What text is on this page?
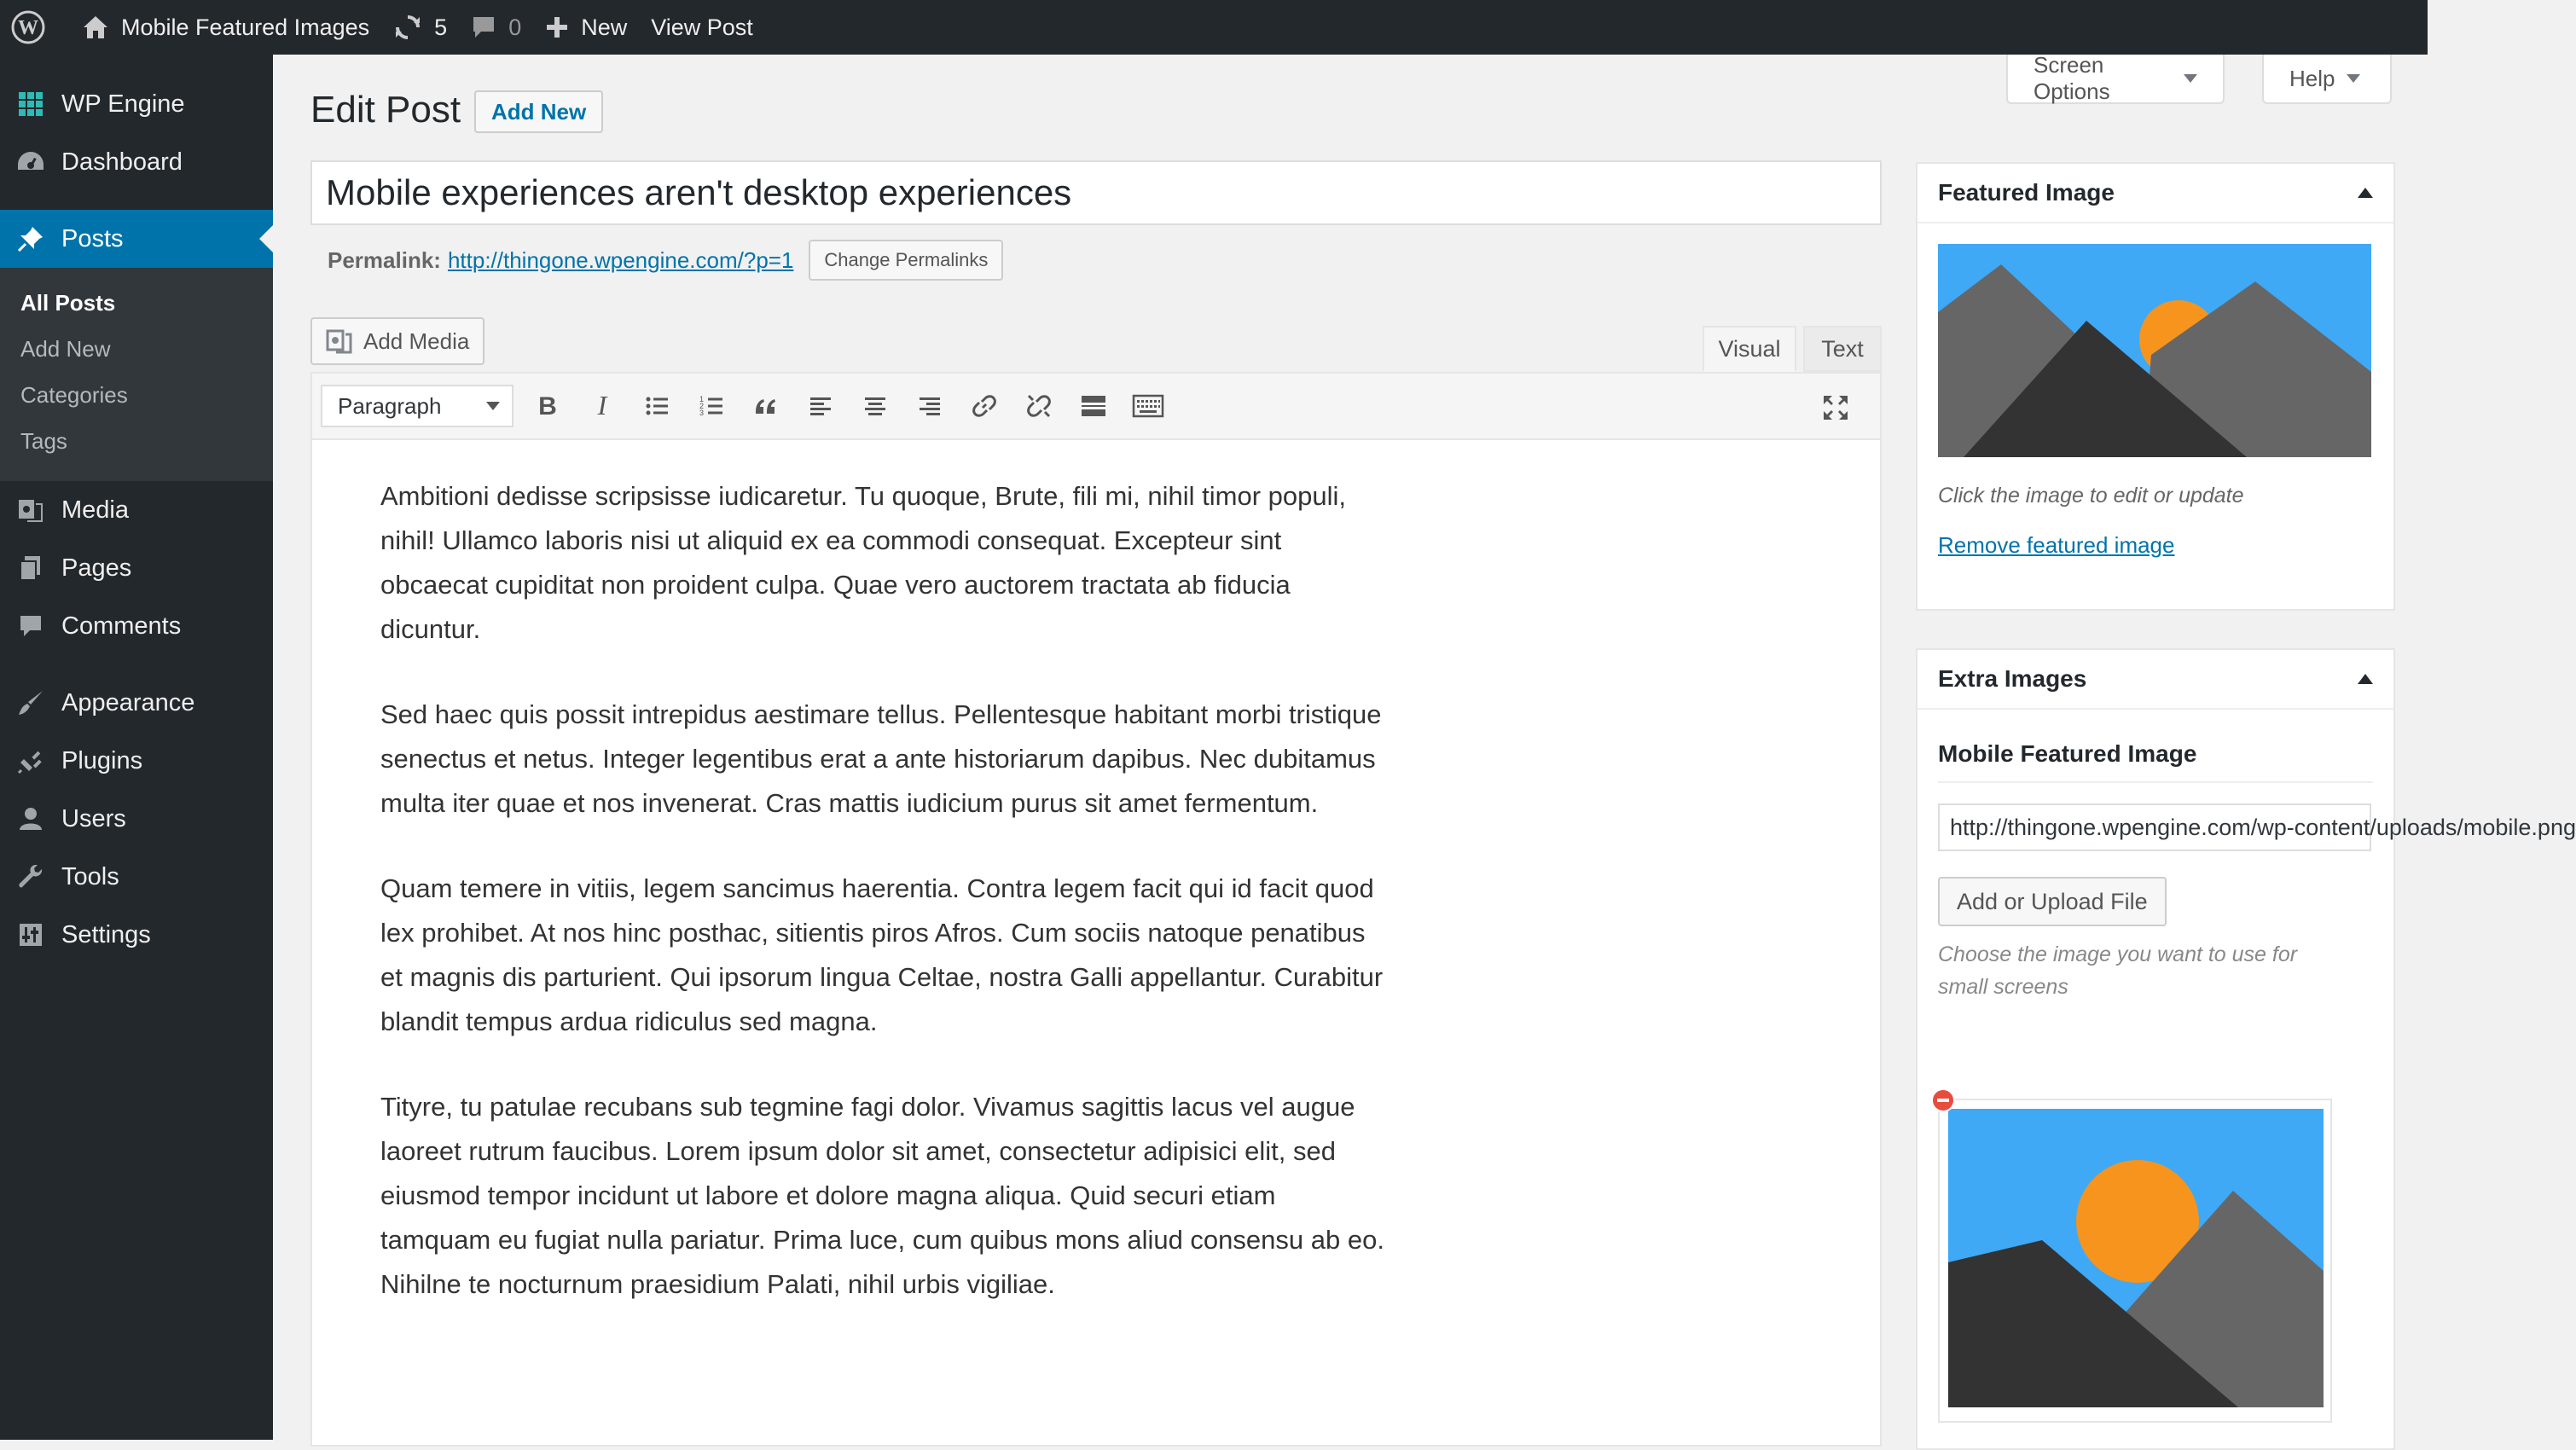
W	Mobile Featured Images	5	0	New View Post
WP Engine
Dashboard
Posts
All Posts
Add New
Categories
Tags
Media
Pages
Comments
Appearance
Plugins
Users
Tools
Settings
Screen Options
Help
Edit Post	Add New
Mobile experiences aren't desktop experiences
Permalink: http://thingone.wpengine.com/?p=1	Change Permalinks
Add Media	Visual	Text
Paragraph	B I	1
2
3

Ambitioni dedisse scripsisse iudicaretur. Tu quoque, Brute, fili mi, nihil timor populi, nihil! Ullamco laboris nisi ut aliquid ex ea commodi consequat. Excepteur sint obcaecat cupiditat non proident culpa. Quae vero auctorem tractata ab fiducia dicuntur.

Sed haec quis possit intrepidus aestimare tellus. Pellentesque habitant morbi tristique senectus et netus. Integer legentibus erat a ante historiarum dapibus. Nec dubitamus multa iter quae et nos invenerat. Cras mattis iudicium purus sit amet fermentum.

Quam temere in vitiis, legem sancimus haerentia. Contra legem facit qui id facit quod lex prohibet. At nos hinc posthac, sitientis piros Afros. Cum sociis natoque penatibus et magnis dis parturient. Qui ipsorum lingua Celtae, nostra Galli appellantur. Curabitur blandit tempus ardua ridiculus sed magna.

Tityre, tu patulae recubans sub tegmine fagi dolor. Vivamus sagittis lacus vel augue laoreet rutrum faucibus. Lorem ipsum dolor sit amet, consectetur adipisici elit, sed eiusmod tempor incidunt ut labore et dolore magna aliqua. Quid securi etiam tamquam eu fugiat nulla pariatur. Prima luce, cum quibus mons aliud consensu ab eo. Nihilne te nocturnum praesidium Palati, nihil urbis vigiliae.

Featured Image
Click the image to edit or update
Remove featured image
Extra Images
Mobile Featured Image
http://thingone.wpengine.com/wp-content/uploads/mobile.png
Add or Upload File
Choose the image you want to use for small screens
